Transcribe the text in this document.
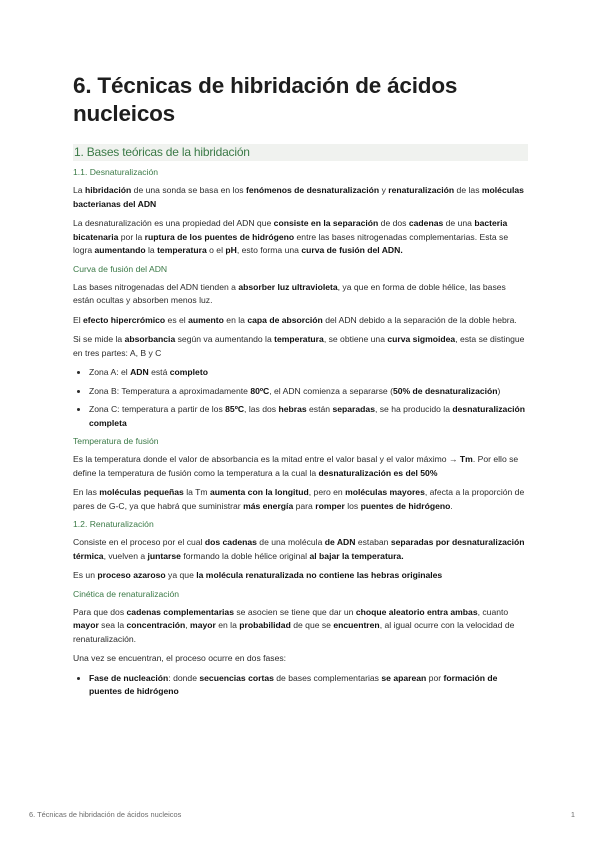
6. Técnicas de hibridación de ácidos nucleicos
1. Bases teóricas de la hibridación
1.1. Desnaturalización

La hibridación de una sonda se basa en los fenómenos de desnaturalización y renaturalización de las moléculas bacterianas del ADN

La desnaturalización es una propiedad del ADN que consiste en la separación de dos cadenas de una bacteria bicatenaria por la ruptura de los puentes de hidrógeno entre las bases nitrogenadas complementarias. Esta se logra aumentando la temperatura o el pH, esto forma una curva de fusión del ADN.

Curva de fusión del ADN

Las bases nitrogenadas del ADN tienden a absorber luz ultravioleta, ya que en forma de doble hélice, las bases están ocultas y absorben menos luz.

El efecto hipercrómico es el aumento en la capa de absorción del ADN debido a la separación de la doble hebra.

Si se mide la absorbancia según va aumentando la temperatura, se obtiene una curva sigmoidea, esta se distingue en tres partes: A, B y C

• Zona A: el ADN está completo
• Zona B: Temperatura a aproximadamente 80ºC, el ADN comienza a separarse (50% de desnaturalización)
• Zona C: temperatura a partir de los 85ºC, las dos hebras están separadas, se ha producido la desnaturalización completa
Temperatura de fusión

Es la temperatura donde el valor de absorbancia es la mitad entre el valor basal y el valor máximo → Tm. Por ello se define la temperatura de fusión como la temperatura a la cual la desnaturalización es del 50%

En las moléculas pequeñas la Tm aumenta con la longitud, pero en moléculas mayores, afecta a la proporción de pares de G-C, ya que habrá que suministrar más energía para romper los puentes de hidrógeno.

1.2. Renaturalización

Consiste en el proceso por el cual dos cadenas de una molécula de ADN estaban separadas por desnaturalización térmica, vuelven a juntarse formando la doble hélice original al bajar la temperatura.

Es un proceso azaroso ya que la molécula renaturalizada no contiene las hebras originales

Cinética de renaturalización

Para que dos cadenas complementarias se asocien se tiene que dar un choque aleatorio entra ambas, cuanto mayor sea la concentración, mayor en la probabilidad de que se encuentren, al igual ocurre con la velocidad de renaturalización.

Una vez se encuentran, el proceso ocurre en dos fases:

• Fase de nucleación: donde secuencias cortas de bases complementarias se aparean por formación de puentes de hidrógeno
6. Técnicas de hibridación de ácidos nucleicos	1
